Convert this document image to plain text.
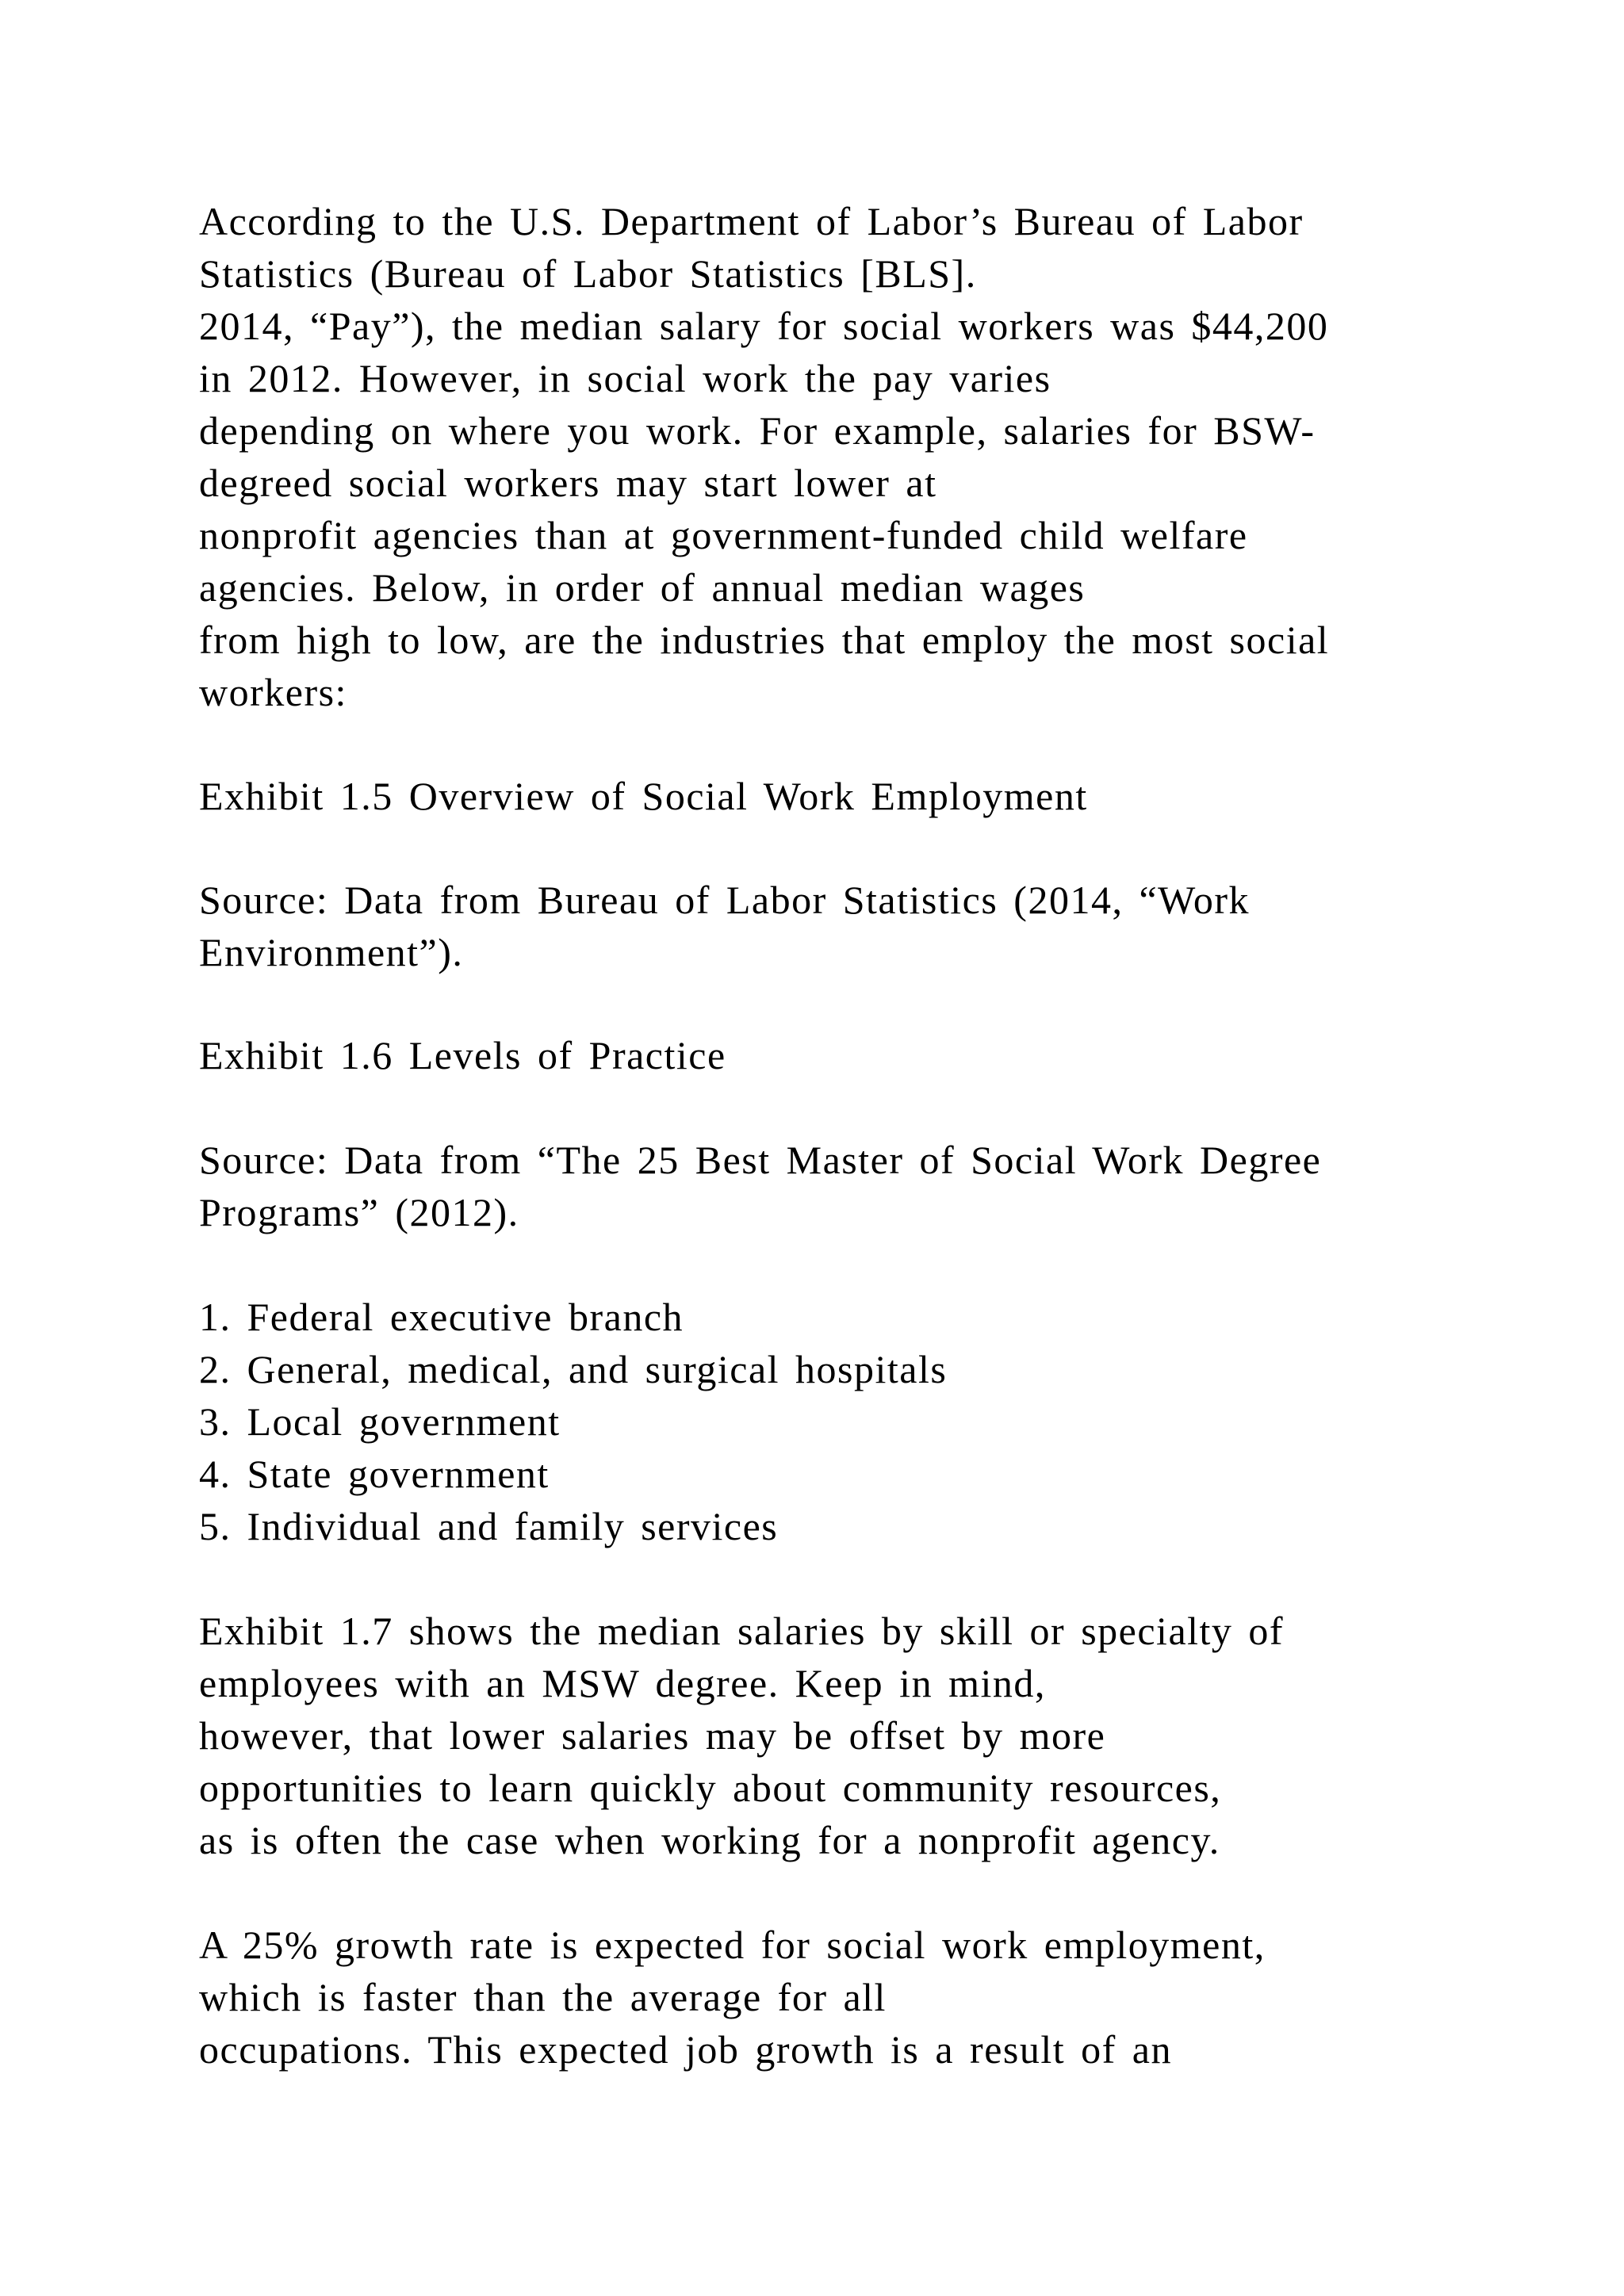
According to the U.S. Department of Labor’s Bureau of Labor
Statistics (Bureau of Labor Statistics [BLS].
2014, “Pay”), the median salary for social workers was $44,200
in 2012. However, in social work the pay varies
depending on where you work. For example, salaries for BSW-
degreed social workers may start lower at
nonprofit agencies than at government-funded child welfare
agencies. Below, in order of annual median wages
from high to low, are the industries that employ the most social
workers:
Exhibit 1.5 Overview of Social Work Employment
Source: Data from Bureau of Labor Statistics (2014, “Work
Environment”).
Exhibit 1.6 Levels of Practice
Source: Data from “The 25 Best Master of Social Work Degree
Programs” (2012).
1. Federal executive branch
2. General, medical, and surgical hospitals
3. Local government
4. State government
5. Individual and family services
Exhibit 1.7 shows the median salaries by skill or specialty of
employees with an MSW degree. Keep in mind,
however, that lower salaries may be offset by more
opportunities to learn quickly about community resources,
as is often the case when working for a nonprofit agency.
A 25% growth rate is expected for social work employment,
which is faster than the average for all
occupations. This expected job growth is a result of an
